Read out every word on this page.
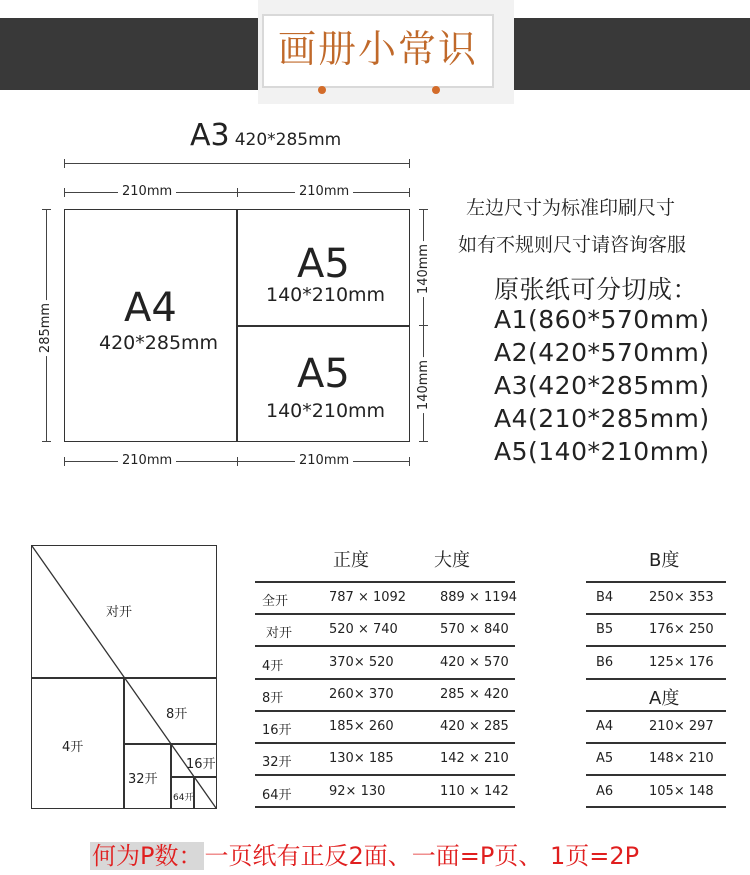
画册小常识
A3 420*285mm
210mm	210mm
A4
420*285mm
A5
140*210mm
A5
140*210mm
285mm
140mm
140mm
210mm	210mm
左边尺寸为标准印刷尺寸
如有不规则尺寸请咨询客服
原张纸可分切成：
A1(860*570mm)
A2(420*570mm)
A3(420*285mm)
A4(210*285mm)
A5(140*210mm)
对开
4开
8开
32开
16开
64开
正度	大度
全开	787 × 1092	889 × 1194
对开	520 × 740	570 × 840
4开	370× 520	420 × 570
8开	260× 370	285 × 420
16开	185× 260	420 × 285
32开	130× 185	142 × 210
64开	92× 130	110 × 142
B度
B4	250× 353
B5	176× 250
B6	125× 176
A度
A4	210× 297
A5	148× 210
A6	105× 148
何为P数：一页纸有正反2面、一面=P页、 1页=2P
